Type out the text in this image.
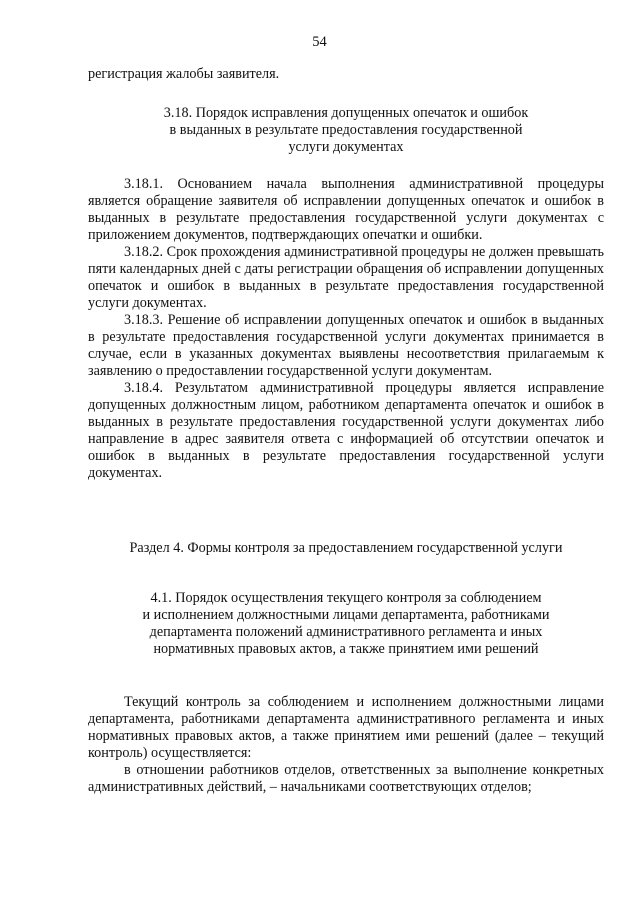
54

регистрация жалобы заявителя.

3.18. Порядок исправления допущенных опечаток и ошибок
в выданных в результате предоставления государственной
услуги документах

3.18.1. Основанием начала выполнения административной процедуры является обращение заявителя об исправлении допущенных опечаток и ошибок в выданных в результате предоставления государственной услуги документах с приложением документов, подтверждающих опечатки и ошибки.

3.18.2. Срок прохождения административной процедуры не должен превышать пяти календарных дней с даты регистрации обращения об исправлении допущенных опечаток и ошибок в выданных в результате предоставления государственной услуги документах.

3.18.3. Решение об исправлении допущенных опечаток и ошибок в выданных в результате предоставления государственной услуги документах принимается в случае, если в указанных документах выявлены несоответствия прилагаемым к заявлению о предоставлении государственной услуги документам.

3.18.4. Результатом административной процедуры является исправление допущенных должностным лицом, работником департамента опечаток и ошибок в выданных в результате предоставления государственной услуги документах либо направление в адрес заявителя ответа с информацией об отсутствии опечаток и ошибок в выданных в результате предоставления государственной услуги документах.

Раздел 4. Формы контроля за предоставлением государственной услуги
4.1. Порядок осуществления текущего контроля за соблюдением
и исполнением должностными лицами департамента, работниками
департамента положений административного регламента и иных
нормативных правовых актов, а также принятием ими решений

Текущий контроль за соблюдением и исполнением должностными лицами департамента, работниками департамента административного регламента и иных нормативных правовых актов, а также принятием ими решений (далее – текущий контроль) осуществляется:

в отношении работников отделов, ответственных за выполнение конкретных административных действий, – начальниками соответствующих отделов;
